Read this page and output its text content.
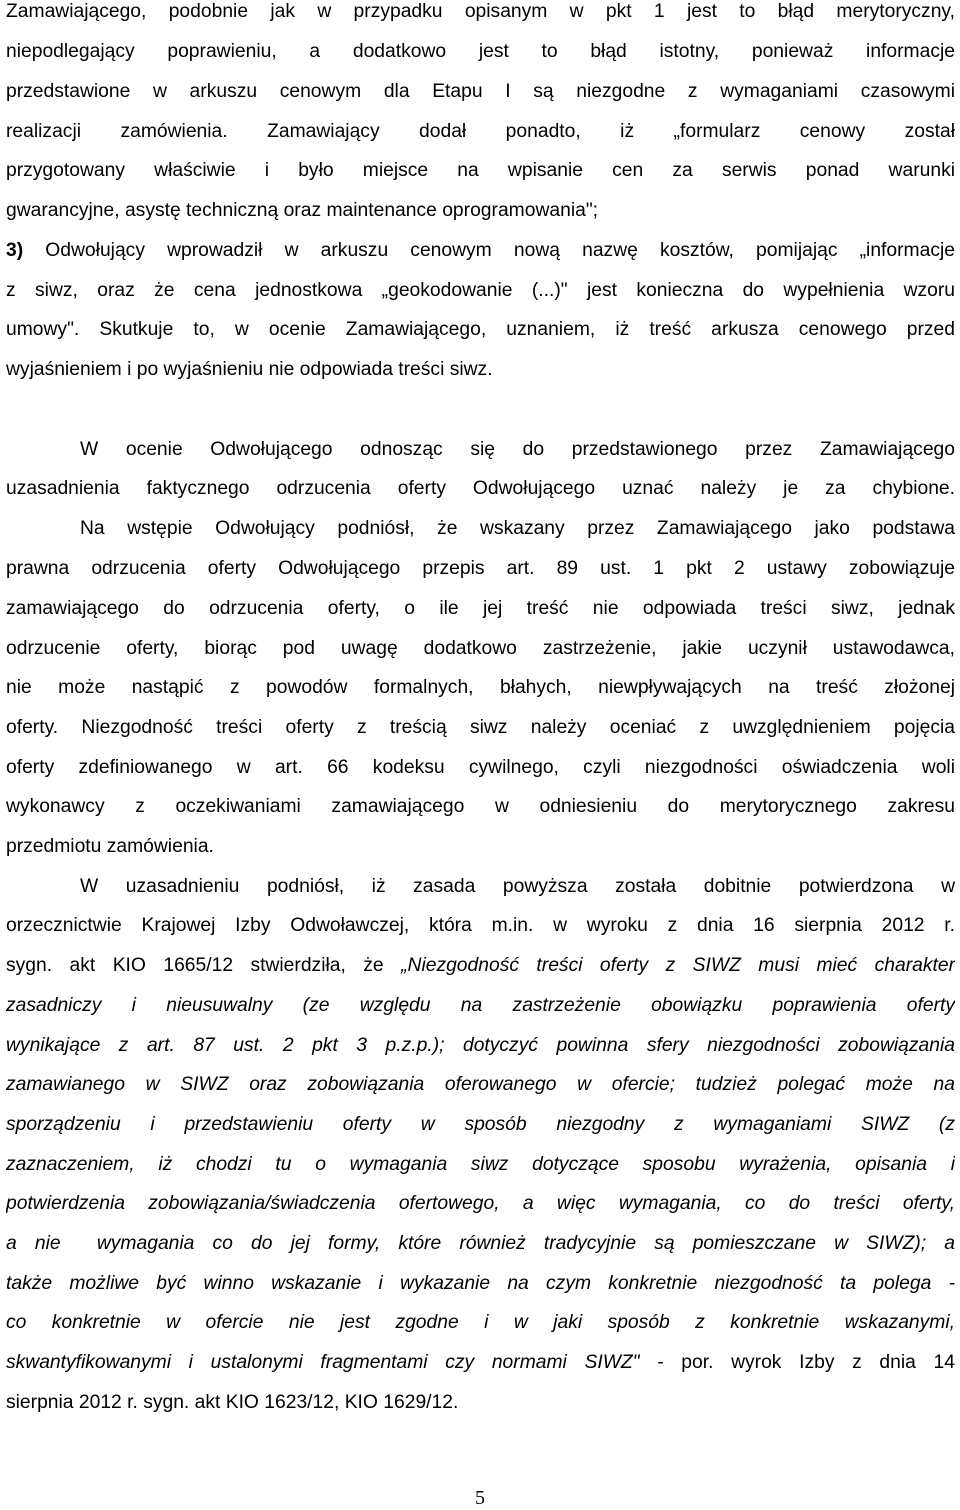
Zamawiającego, podobnie jak w przypadku opisanym w pkt 1 jest to błąd merytoryczny,
niepodlegający poprawieniu, a dodatkowo jest to błąd istotny, ponieważ informacje
przedstawione w arkuszu cenowym dla Etapu I są niezgodne z wymaganiami czasowymi
realizacji zamówienia. Zamawiający dodał ponadto, iż „formularz cenowy został
przygotowany właściwie i było miejsce na wpisanie cen za serwis ponad warunki
gwarancyjne, asystę techniczną oraz maintenance oprogramowania";
3) Odwołujący wprowadził w arkuszu cenowym nową nazwę kosztów, pomijając „informacje
z siwz, oraz że cena jednostkowa „geokodowanie (...)" jest konieczna do wypełnienia wzoru
umowy". Skutkuje to, w ocenie Zamawiającego, uznaniem, iż treść arkusza cenowego przed
wyjaśnieniem i po wyjaśnieniu nie odpowiada treści siwz.
W ocenie Odwołującego odnosząc się do przedstawionego przez Zamawiającego
uzasadnienia faktycznego odrzucenia oferty Odwołującego uznać należy je za chybione.
Na wstępie Odwołujący podniósł, że wskazany przez Zamawiającego jako podstawa
prawna odrzucenia oferty Odwołującego przepis art. 89 ust. 1 pkt 2 ustawy zobowiązuje
zamawiającego do odrzucenia oferty, o ile jej treść nie odpowiada treści siwz, jednak
odrzucenie oferty, biorąc pod uwagę dodatkowo zastrzeżenie, jakie uczynił ustawodawca,
nie może nastąpić z powodów formalnych, błahych, niewpływających na treść złożonej
oferty. Niezgodność treści oferty z treścią siwz należy oceniać z uwzględnieniem pojęcia
oferty zdefiniowanego w art. 66 kodeksu cywilnego, czyli niezgodności oświadczenia woli
wykonawcy z oczekiwaniami zamawiającego w odniesieniu do merytorycznego zakresu
przedmiotu zamówienia.
W uzasadnieniu podniósł, iż zasada powyższa została dobitnie potwierdzona w
orzecznictwie Krajowej Izby Odwoławczej, która m.in. w wyroku z dnia 16 sierpnia 2012 r.
sygn. akt KIO 1665/12 stwierdziła, że „Niezgodność treści oferty z SIWZ musi mieć charakter
zasadniczy i nieusuwalny (ze względu na zastrzeżenie obowiązku poprawienia oferty
wynikające z art. 87 ust. 2 pkt 3 p.z.p.); dotyczyć powinna sfery niezgodności zobowiązania
zamawianego w SIWZ oraz zobowiązania oferowanego w ofercie; tudzież polegać może na
sporządzeniu i przedstawieniu oferty w sposób niezgodny z wymaganiami SIWZ (z
zaznaczeniem, iż chodzi tu o wymagania siwz dotyczące sposobu wyrażenia, opisania i
potwierdzenia zobowiązania/świadczenia ofertowego, a więc wymagania, co do treści oferty,
a nie  wymagania co do jej formy, które również tradycyjnie są pomieszczane w SIWZ); a
także możliwe być winno wskazanie i wykazanie na czym konkretnie niezgodność ta polega -
co konkretnie w ofercie nie jest zgodne i w jaki sposób z konkretnie wskazanymi,
skwantyfikowanymi i ustalonymi fragmentami czy normami SIWZ" - por. wyrok Izby z dnia 14
sierpnia 2012 r. sygn. akt KIO 1623/12, KIO 1629/12.
5
